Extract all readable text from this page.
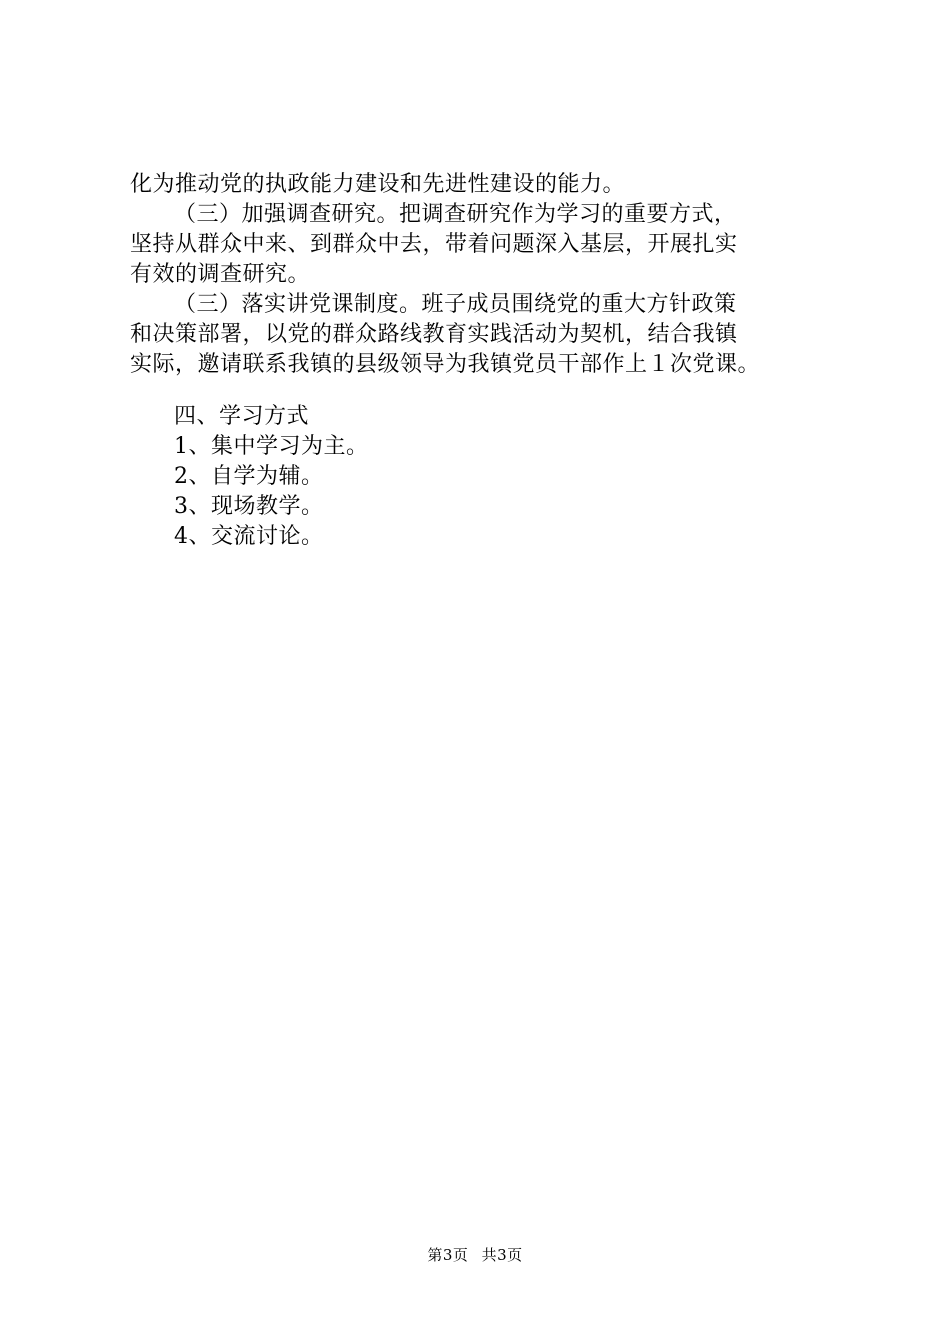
化为推动党的执政能力建设和先进性建设的能力。
（三）加强调查研究。把调查研究作为学习的重要方式，
坚持从群众中来、到群众中去，带着问题深入基层，开展扎实
有效的调查研究。
（三）落实讲党课制度。班子成员围绕党的重大方针政策
和决策部署，以党的群众路线教育实践活动为契机，结合我镇
实际，邀请联系我镇的县级领导为我镇党员干部作上１次党课。
四、学习方式
1、集中学习为主。
2、自学为辅。
3、现场教学。
4、交流讨论。
第3页 共3页
